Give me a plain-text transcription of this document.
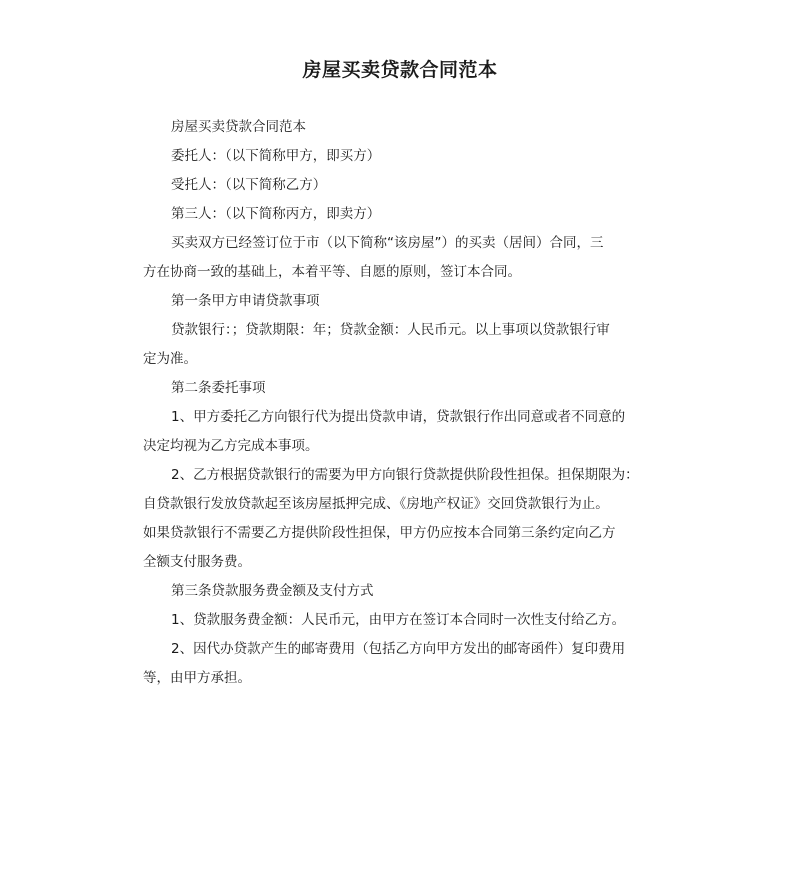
房屋买卖贷款合同范本
房屋买卖贷款合同范本
委托人：（以下简称甲方，即买方）
受托人：（以下简称乙方）
第三人：（以下简称丙方，即卖方）
买卖双方已经签订位于市（以下简称“该房屋”）的买卖（居间）合同，三
方在协商一致的基础上，本着平等、自愿的原则，签订本合同。
第一条甲方申请贷款事项
贷款银行：；贷款期限：年；贷款金额：人民币元。以上事项以贷款银行审
定为准。
第二条委托事项
1、甲方委托乙方向银行代为提出贷款申请，贷款银行作出同意或者不同意的
决定均视为乙方完成本事项。
2、乙方根据贷款银行的需要为甲方向银行贷款提供阶段性担保。担保期限为：
自贷款银行发放贷款起至该房屋抵押完成、《房地产权证》交回贷款银行为止。
如果贷款银行不需要乙方提供阶段性担保，甲方仍应按本合同第三条约定向乙方
全额支付服务费。
第三条贷款服务费金额及支付方式
1、贷款服务费金额：人民币元，由甲方在签订本合同时一次性支付给乙方。
2、因代办贷款产生的邮寄费用（包括乙方向甲方发出的邮寄函件）复印费用
等，由甲方承担。
